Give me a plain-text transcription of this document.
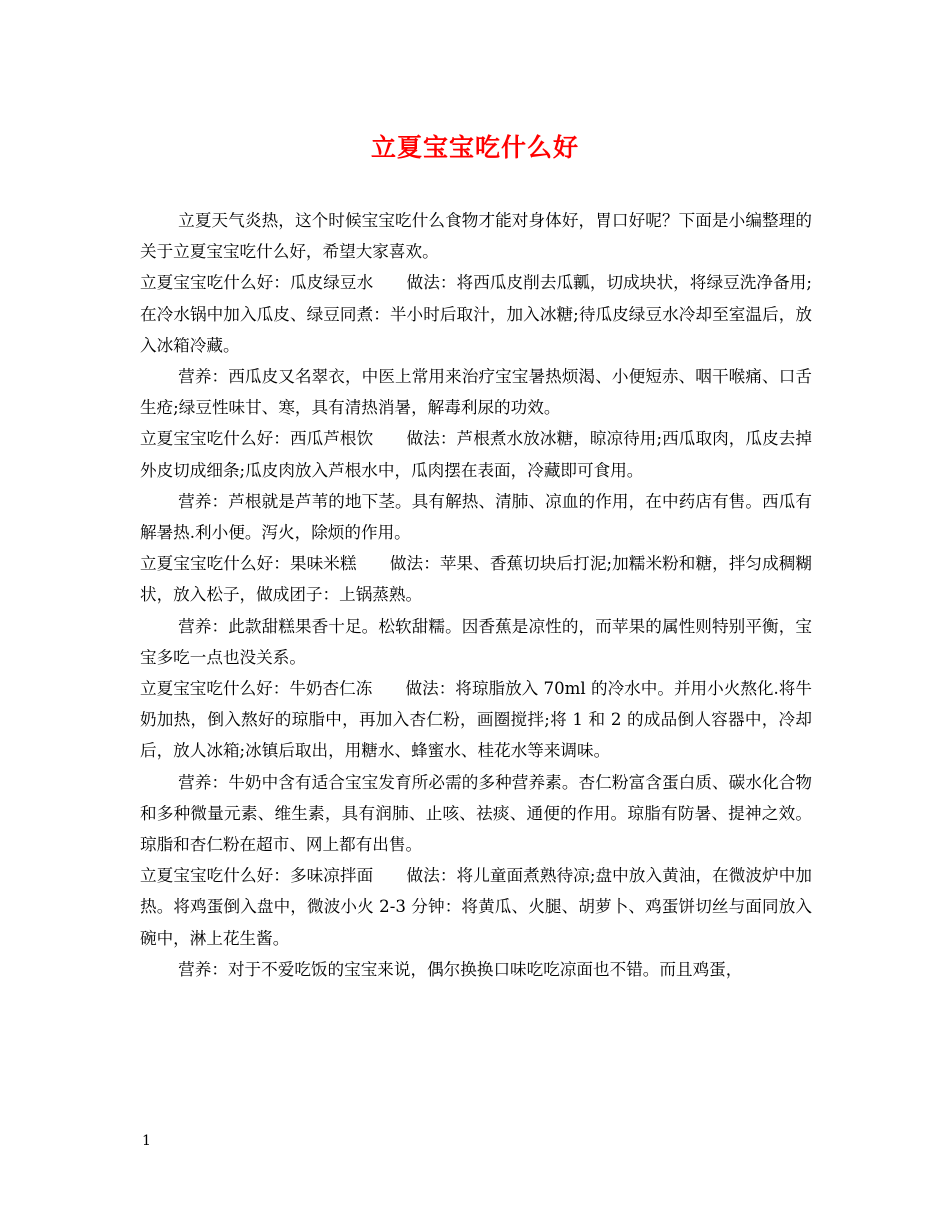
立夏宝宝吃什么好

立夏天气炎热，这个时候宝宝吃什么食物才能对身体好，胃口好呢？下面是小编整理的关于立夏宝宝吃什么好，希望大家喜欢。

立夏宝宝吃什么好：瓜皮绿豆水　　做法：将西瓜皮削去瓜瓤，切成块状，将绿豆洗净备用;在冷水锅中加入瓜皮、绿豆同煮：半小时后取汁，加入冰糖;待瓜皮绿豆水冷却至室温后，放入冰箱冷藏。

营养：西瓜皮又名翠衣，中医上常用来治疗宝宝暑热烦渴、小便短赤、咽干喉痛、口舌生疮;绿豆性味甘、寒，具有清热消暑，解毒利尿的功效。

立夏宝宝吃什么好：西瓜芦根饮　　做法：芦根煮水放冰糖，晾凉待用;西瓜取肉，瓜皮去掉外皮切成细条;瓜皮肉放入芦根水中，瓜肉摆在表面，冷藏即可食用。

营养：芦根就是芦苇的地下茎。具有解热、清肺、凉血的作用，在中药店有售。西瓜有解暑热.利小便。泻火，除烦的作用。

立夏宝宝吃什么好：果味米糕　　做法：苹果、香蕉切块后打泥;加糯米粉和糖，拌匀成稠糊状，放入松子，做成团子：上锅蒸熟。

营养：此款甜糕果香十足。松软甜糯。因香蕉是凉性的，而苹果的属性则特别平衡，宝宝多吃一点也没关系。

立夏宝宝吃什么好：牛奶杏仁冻　　做法：将琼脂放入 70ml 的冷水中。并用小火熬化.将牛奶加热，倒入熬好的琼脂中，再加入杏仁粉，画圈搅拌;将 1 和 2 的成品倒人容器中，冷却后，放人冰箱;冰镇后取出，用糖水、蜂蜜水、桂花水等来调味。

营养：牛奶中含有适合宝宝发育所必需的多种营养素。杏仁粉富含蛋白质、碳水化合物和多种微量元素、维生素，具有润肺、止咳、祛痰、通便的作用。琼脂有防暑、提神之效。琼脂和杏仁粉在超市、网上都有出售。

立夏宝宝吃什么好：多味凉拌面　　做法：将儿童面煮熟待凉;盘中放入黄油，在微波炉中加热。将鸡蛋倒入盘中，微波小火 2-3 分钟：将黄瓜、火腿、胡萝卜、鸡蛋饼切丝与面同放入碗中，淋上花生酱。

营养：对于不爱吃饭的宝宝来说，偶尔换换口味吃吃凉面也不错。而且鸡蛋，

1
